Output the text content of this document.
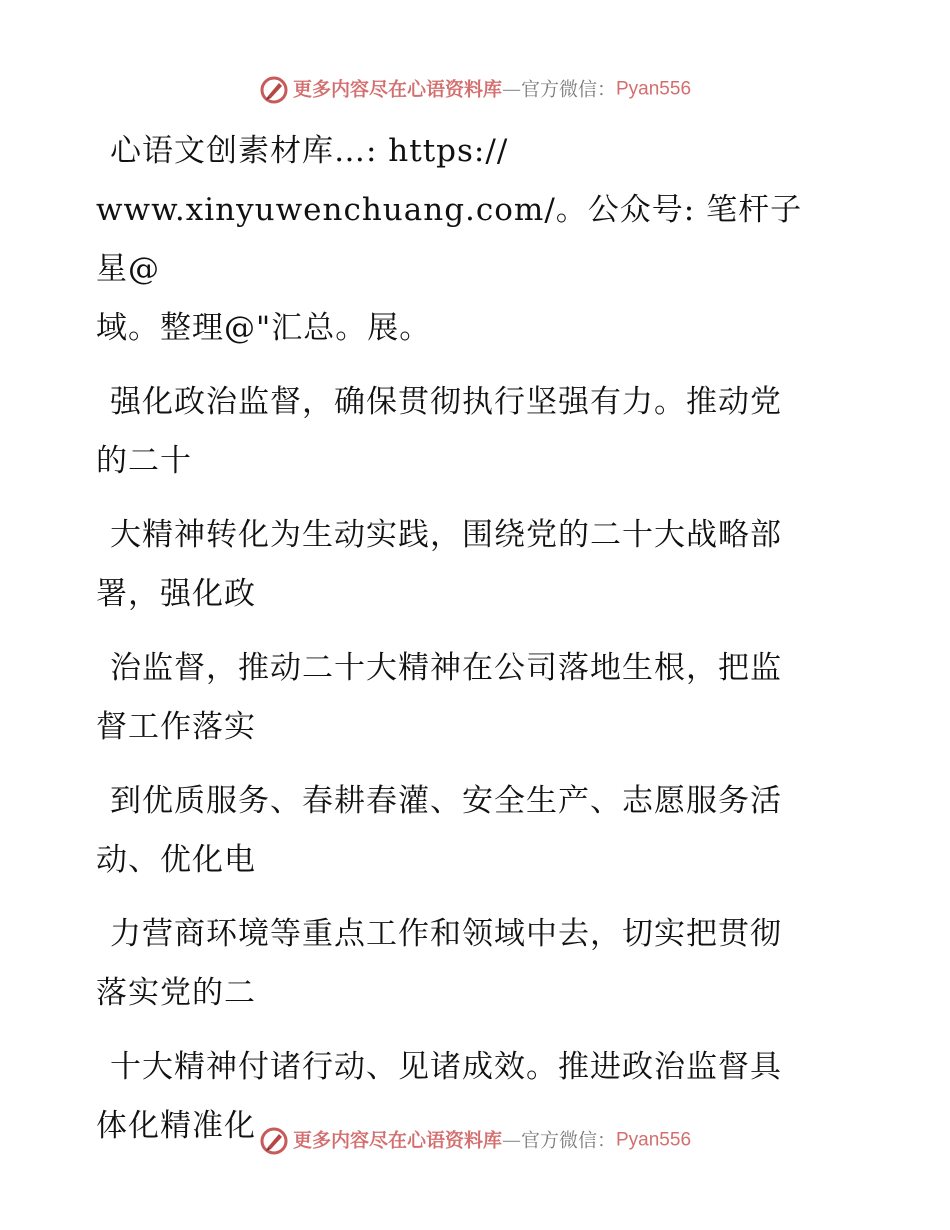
更多内容尽在心语资料库—官方微信：Pyan556

心语文创素材库…: https://
www.xinyuwenchuang.com/。公众号: 笔杆子星@
域。整理@"汇总。展。

强化政治监督，确保贯彻执行坚强有力。推动党
的二十

大精神转化为生动实践，围绕党的二十大战略部
署，强化政

治监督，推动二十大精神在公司落地生根，把监
督工作落实

到优质服务、春耕春灌、安全生产、志愿服务活
动、优化电

力营商环境等重点工作和领域中去，切实把贯彻
落实党的二

十大精神付诸行动、见诸成效。推进政治监督具
体化精准化	更多内容尽在心语资料库—官方微信：Pyan556
